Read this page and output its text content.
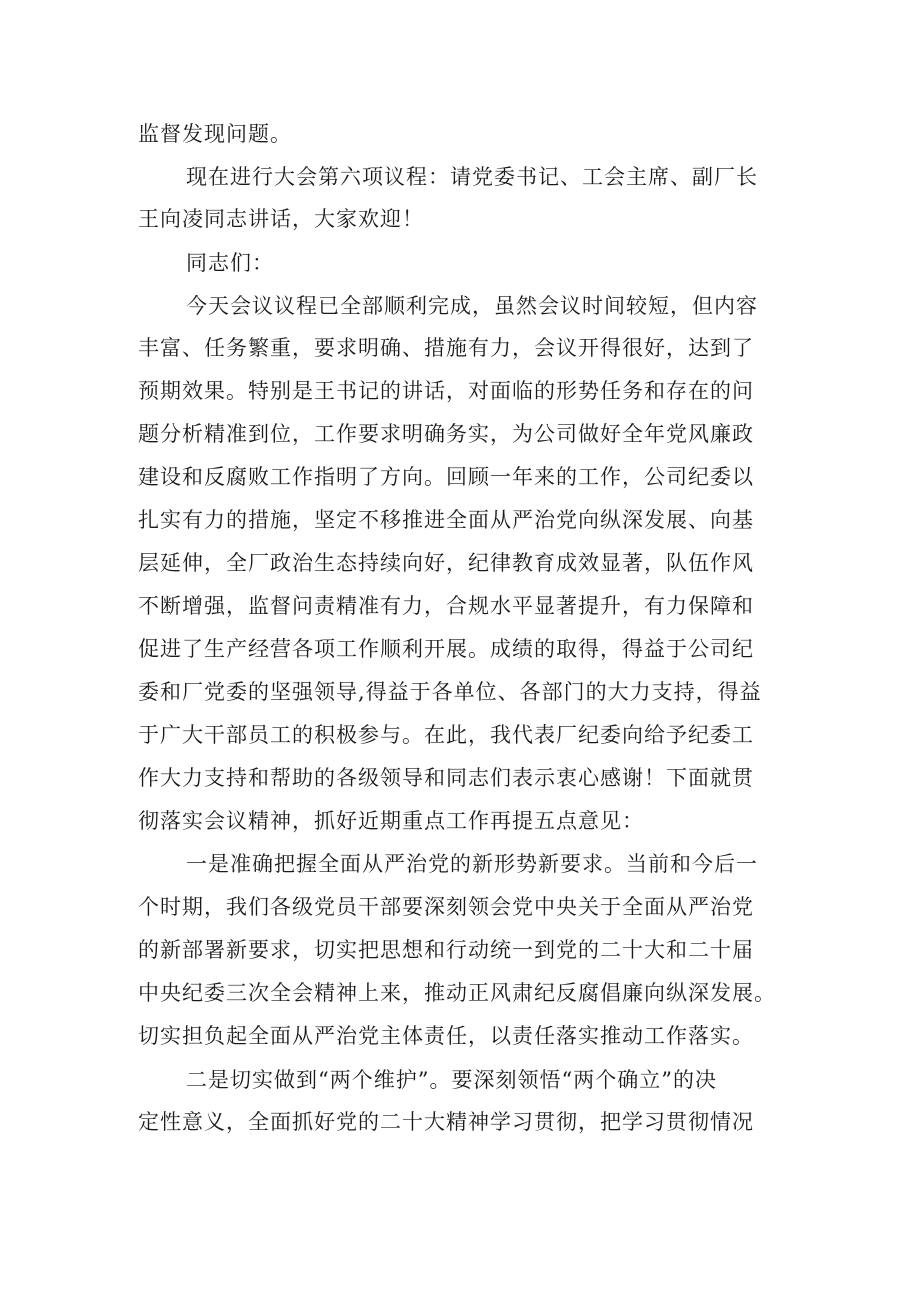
监督发现问题。
现在进行大会第六项议程：请党委书记、工会主席、副厂长
王向凌同志讲话，大家欢迎！
同志们：
今天会议议程已全部顺利完成，虽然会议时间较短，但内容
丰富、任务繁重，要求明确、措施有力，会议开得很好，达到了
预期效果。特别是王书记的讲话，对面临的形势任务和存在的问
题分析精准到位，工作要求明确务实，为公司做好全年党风廉政
建设和反腐败工作指明了方向。回顾一年来的工作，公司纪委以
扎实有力的措施，坚定不移推进全面从严治党向纵深发展、向基
层延伸，全厂政治生态持续向好，纪律教育成效显著，队伍作风
不断增强，监督问责精准有力，合规水平显著提升，有力保障和
促进了生产经营各项工作顺利开展。成绩的取得，得益于公司纪
委和厂党委的坚强领导,得益于各单位、各部门的大力支持，得益
于广大干部员工的积极参与。在此，我代表厂纪委向给予纪委工
作大力支持和帮助的各级领导和同志们表示衷心感谢！下面就贯
彻落实会议精神，抓好近期重点工作再提五点意见：
一是准确把握全面从严治党的新形势新要求。当前和今后一
个时期，我们各级党员干部要深刻领会党中央关于全面从严治党
的新部署新要求，切实把思想和行动统一到党的二十大和二十届
中央纪委三次全会精神上来，推动正风肃纪反腐倡廉向纵深发展。
切实担负起全面从严治党主体责任，以责任落实推动工作落实。
二是切实做到“两个维护”。要深刻领悟“两个确立”的决
定性意义，全面抓好党的二十大精神学习贯彻，把学习贯彻情况
